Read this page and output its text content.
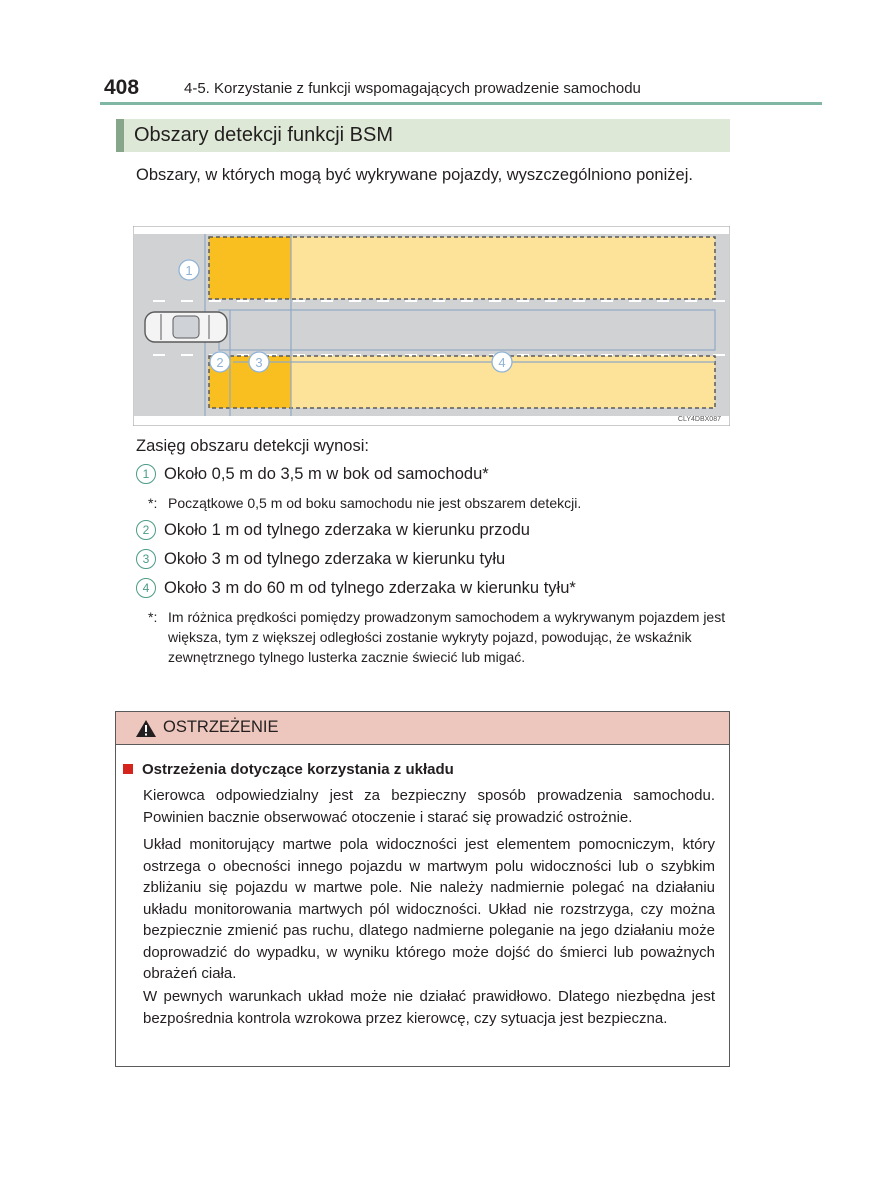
408	4-5. Korzystanie z funkcji wspomagających prowadzenie samochodu
Obszary detekcji funkcji BSM
Obszary, w których mogą być wykrywane pojazdy, wyszczególniono poniżej.
1
2 3	4
CLY4DBX087
Zasięg obszaru detekcji wynosi:
1 Około 0,5 m do 3,5 m w bok od samochodu*
*: Początkowe 0,5 m od boku samochodu nie jest obszarem detekcji.
2 Około 1 m od tylnego zderzaka w kierunku przodu
3 Około 3 m od tylnego zderzaka w kierunku tyłu
4 Około 3 m do 60 m od tylnego zderzaka w kierunku tyłu*
*: Im różnica prędkości pomiędzy prowadzonym samochodem a wykrywanym pojazdem jest większa, tym z większej odległości zostanie wykryty pojazd, powodując, że wskaźnik zewnętrznego tylnego lusterka zacznie świecić lub migać.
OSTRZEŻENIE
Ostrzeżenia dotyczące korzystania z układu
Kierowca odpowiedzialny jest za bezpieczny sposób prowadzenia samochodu. Powinien bacznie obserwować otoczenie i starać się prowadzić ostrożnie.
Układ monitorujący martwe pola widoczności jest elementem pomocniczym, który ostrzega o obecności innego pojazdu w martwym polu widoczności lub o szybkim zbliżaniu się pojazdu w martwe pole. Nie należy nadmiernie polegać na działaniu układu monitorowania martwych pól widoczności. Układ nie rozstrzyga, czy można bezpiecznie zmienić pas ruchu, dlatego nadmierne poleganie na jego działaniu może doprowadzić do wypadku, w wyniku którego może dojść do śmierci lub poważnych obrażeń ciała.
W pewnych warunkach układ może nie działać prawidłowo. Dlatego niezbędna jest bezpośrednia kontrola wzrokowa przez kierowcę, czy sytuacja jest bezpieczna.
